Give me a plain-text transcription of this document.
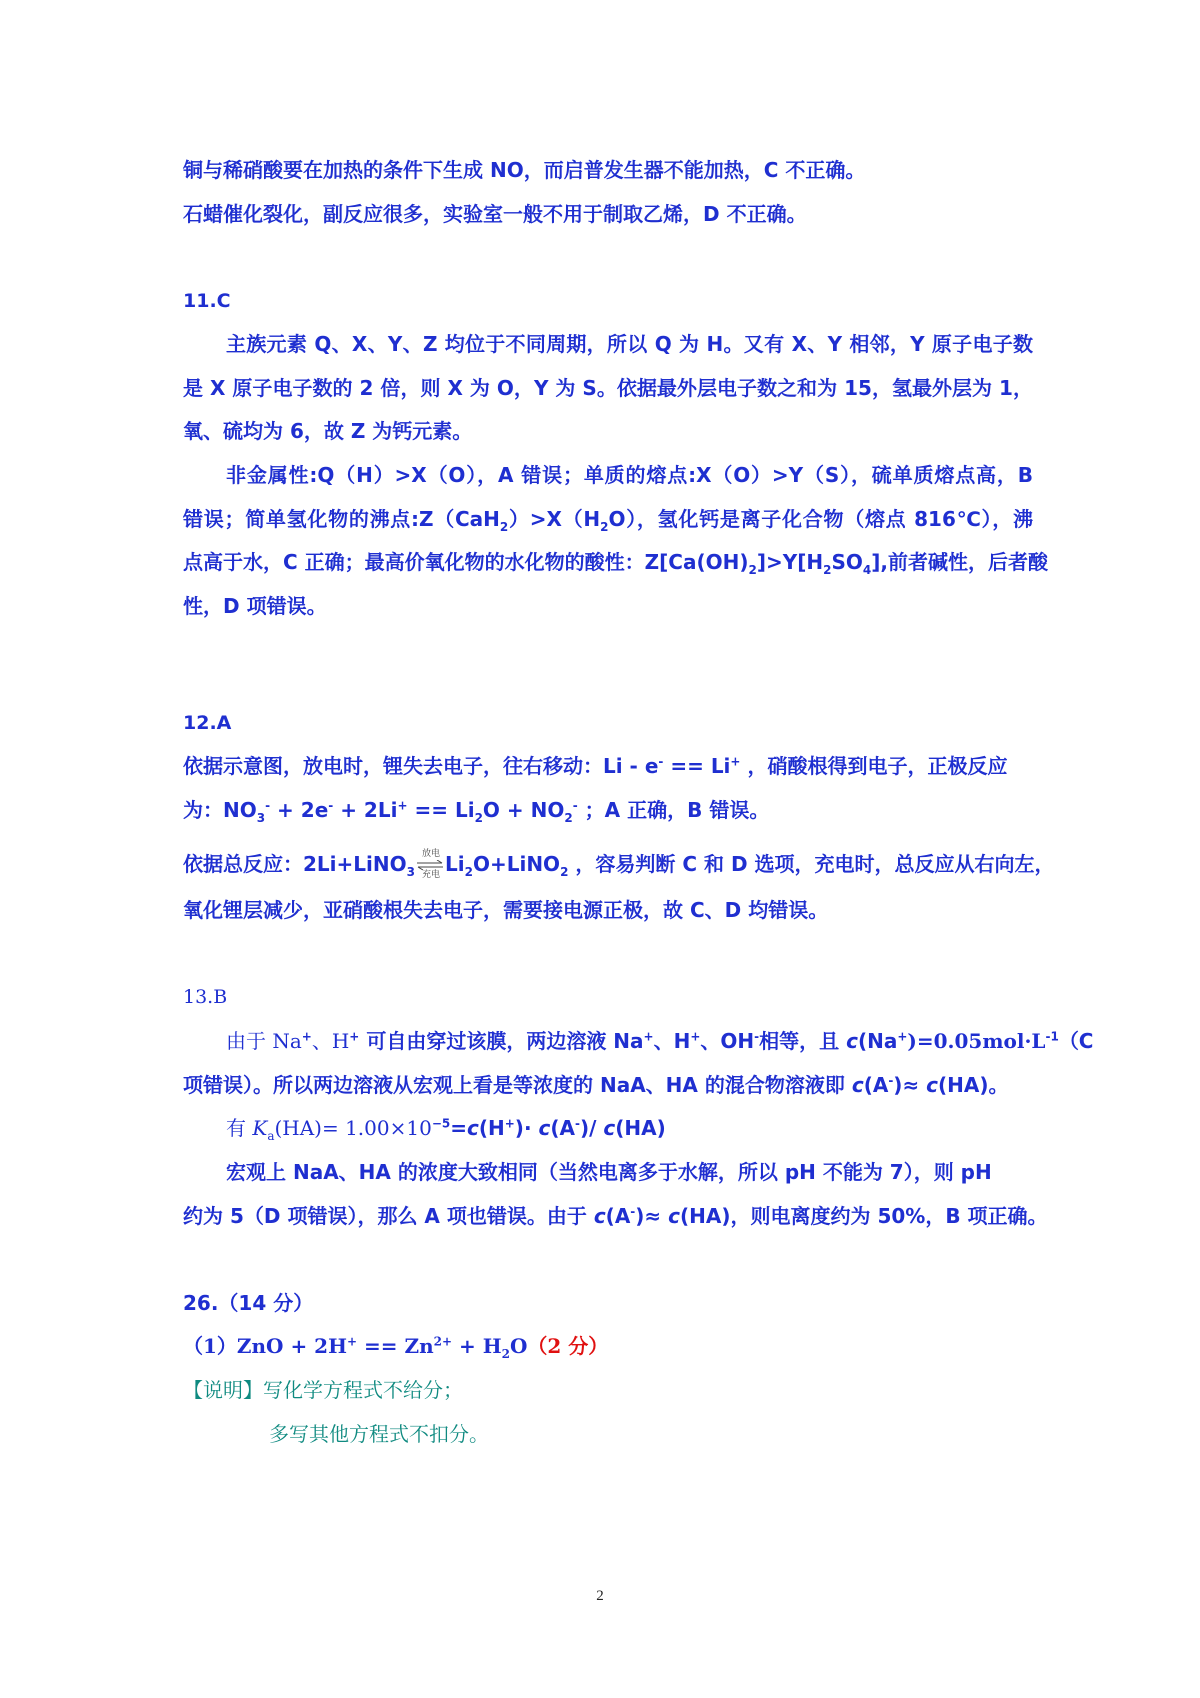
铜与稀硝酸要在加热的条件下生成 NO，而启普发生器不能加热，C 不正确。
石蜡催化裂化，副反应很多，实验室一般不用于制取乙烯，D 不正确。
11.C
主族元素 Q、X、Y、Z 均位于不同周期，所以 Q 为 H。又有 X、Y 相邻，Y 原子电子数
是 X 原子电子数的 2 倍，则 X 为 O，Y 为 S。依据最外层电子数之和为 15，氢最外层为 1，
氧、硫均为 6，故 Z 为钙元素。
非金属性:Q（H）>X（O），A 错误；单质的熔点:X（O）>Y（S），硫单质熔点高，B
错误；简单氢化物的沸点$:Z(CaH_2)>X(H_2O)$，氢化钙是离子化合物（熔点 816℃），沸
点高于水，C 正确；最高价氧化物的水化物的酸性：$Z[Ca(OH)_2]>Y[H_2SO_4]$,前者碱性，后者酸
性，D 项错误。
12.A
依据示意图，放电时，锂失去电子，往右移动：Li - e- == Li+ ，硝酸根得到电子，正极反应
为：$NO_3^- + 2e^- + 2Li^+ == Li_2O + NO_2^-$ ；A 正确，B 错误。
依据总反应：2Li+LiNO$_3$
放电
充电 $Li_2O+LiNO_2$ ，容易判断 C 和 D 选项，充电时，总反应从右向左，
氧化锂层减少，亚硝酸根失去电子，需要接电源正极，故 C、D 均错误。
13.B
由于 Na+、H+ 可自由穿过该膜，两边溶液 Na+、H+、OH-相等，且 $c(Na^+)=0.05mol\cdot L^{-1}(C$
项错误）。所以两边溶液从宏观上看是等浓度的 NaA、HA 的混合物溶液即 c(A-)≈ c(HA)。
有 $K_a(HA)= 1.00\times 10^{-5}=c(H^+)\cdot c(A^-)/$ c(HA)
宏观上 NaA、HA 的浓度大致相同（当然电离多于水解，所以 pH 不能为 7），则 pH
约为 5（D 项错误），那么 A 项也错误。由于 c(A-)≈ c(HA)，则电离度约为 50%，B 项正确。
26.（14 分）
$(1)ZnO + 2H^+ == Zn^{2+} + H_2O(2$ 分）
【说明】写化学方程式不给分；
多写其他方程式不扣分。
2
